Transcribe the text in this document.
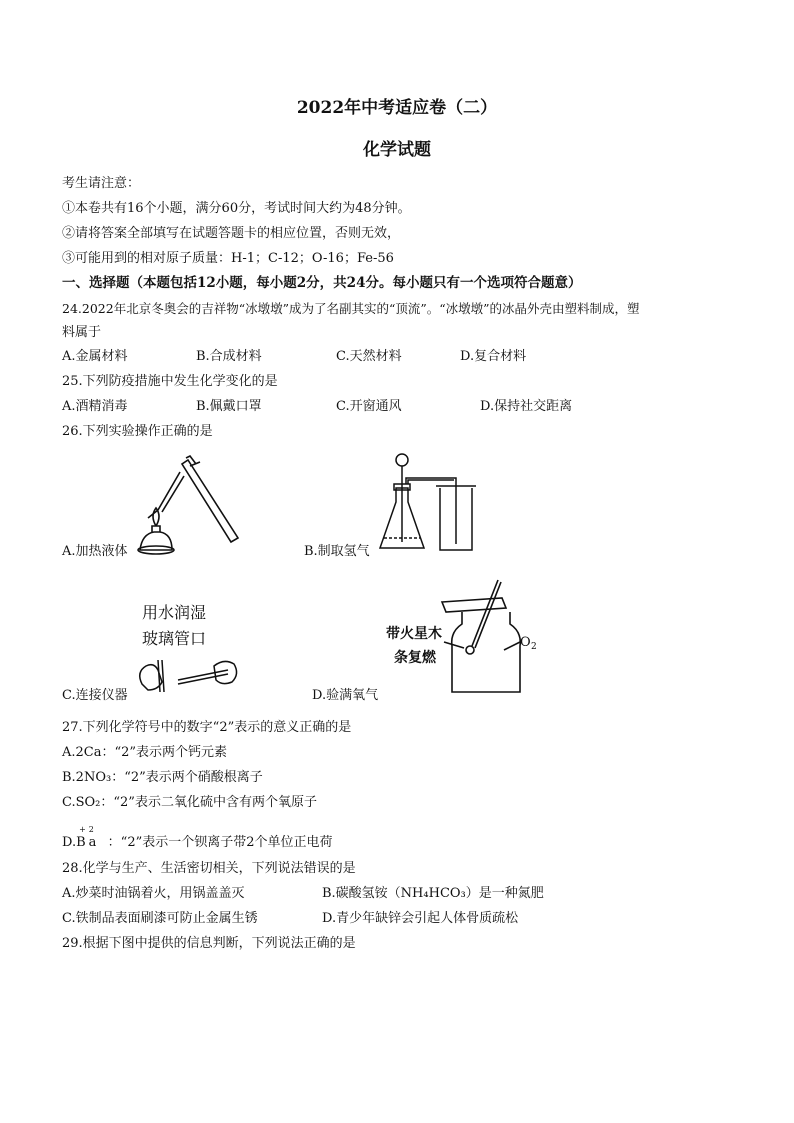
2022年中考适应卷（二）
化学试题
考生请注意：
①本卷共有16个小题，满分60分，考试时间大约为48分钟。
②请将答案全部填写在试题答题卡的相应位置，否则无效，
③可能用到的相对原子质量：H-1；C-12；O-16；Fe-56
一、选择题（本题包括12小题，每小题2分，共24分。每小题只有一个选项符合题意）
24.2022年北京冬奥会的吉祥物“冰墩墩”成为了名副其实的“顶流”。“冰墩墩”的冰晶外壳由塑料制成，塑
料属于
A.金属材料	B.合成材料	C.天然材料	D.复合材料
25.下列防疫措施中发生化学变化的是
A.酒精消毒	B.佩戴口罩	C.开窗通风	D.保持社交距离
26.下列实验操作正确的是
A.加热液体	B.制取氢气
用水润湿
玻璃管口
C.连接仪器
带火星木
条复燃
O 2
D.验满氧气
27.下列化学符号中的数字“2”表示的意义正确的是
A.2Ca：“2”表示两个钙元素
B.2NO₃：“2”表示两个硝酸根离子
C.SO₂：“2”表示二氧化硫中含有两个氧原子
D.
+2
Ba ：“2”表示一个钡离子带2个单位正电荷
28.化学与生产、生活密切相关，下列说法错误的是
A.炒菜时油锅着火，用锅盖盖灭	B.碳酸氢铵（NH₄HCO₃）是一种氮肥
C.铁制品表面刷漆可防止金属生锈	D.青少年缺锌会引起人体骨质疏松
29.根据下图中提供的信息判断，下列说法正确的是
